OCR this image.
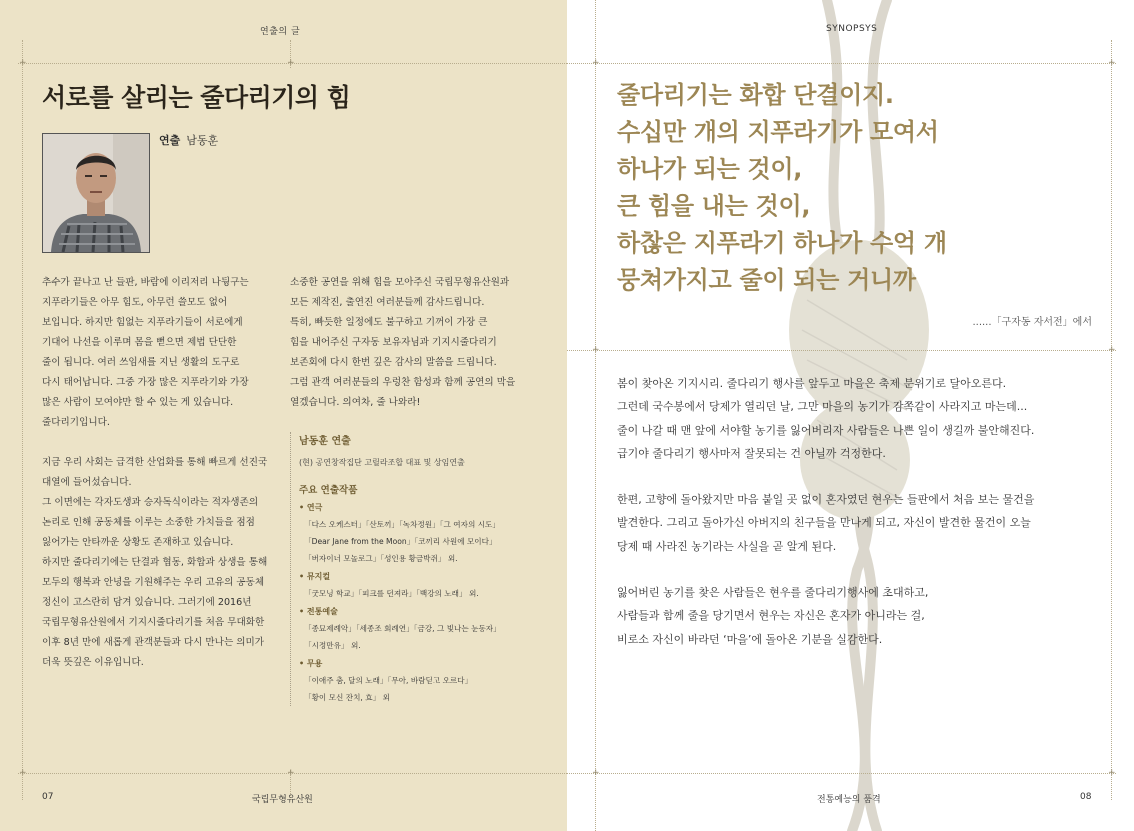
+	+
+	+
연출의 글
서로를 살리는 줄다리기의 힘
연출 남동훈

추수가 끝나고 난 들판, 바람에 이리저리 나뒹구는

지푸라기들은 아무 힘도, 아무런 쓸모도 없어

보입니다. 하지만 힘없는 지푸라기들이 서로에게

기대어 나선을 이루며 몸을 뻗으면 제법 단단한

줄이 됩니다. 여러 쓰임새를 지닌 생활의 도구로

다시 태어납니다. 그중 가장 많은 지푸라기와 가장

많은 사람이 모여야만 할 수 있는 게 있습니다.

줄다리기입니다.

지금 우리 사회는 급격한 산업화를 통해 빠르게 선진국

대열에 들어섰습니다.

그 이면에는 각자도생과 승자독식이라는 적자생존의

논리로 인해 공동체를 이루는 소중한 가치들을 점점

잃어가는 안타까운 상황도 존재하고 있습니다.

하지만 줄다리기에는 단결과 협동, 화합과 상생을 통해

모두의 행복과 안녕을 기원해주는 우리 고유의 공동체

정신이 고스란히 담겨 있습니다. 그러기에 2016년

국립무형유산원에서 기지시줄다리기를 처음 무대화한

이후 8년 만에 새롭게 관객분들과 다시 만나는 의미가

더욱 뜻깊은 이유입니다.

소중한 공연을 위해 힘을 모아주신 국립무형유산원과

모든 제작진, 출연진 여러분들께 감사드립니다.

특히, 빠듯한 일정에도 불구하고 기꺼이 가장 큰

힘을 내어주신 구자동 보유자님과 기지시줄다리기

보존회에 다시 한번 깊은 감사의 말씀을 드립니다.

그럼 관객 여러분들의 우렁찬 함성과 함께 공연의 막을

열겠습니다. 의여차, 줄 나와라!

남동훈 연출
(현) 공연창작집단 고릴라조합 대표 및 상임연출
주요 연출작품
• 연극
「다스 오케스터」「산토끼」「녹차정원」「그 여자의 시도」
「Dear Jane from the Moon」「코끼리 사원에 모이다」
「버자이너 모놀로그」「성인용 황금박쥐」 외.
• 뮤지컬
「굿모닝 학교」「피크를 던져라」「백강의 노래」 외.
• 전통예술
「종묘제례악」「세종조 회례연」「금강, 그 빛나는 눈동자」
「시정만유」 외.
• 무용
「이애주 춤, 달의 노래」「무아, 바람딛고 오르다」
「황이 모신 잔치, 효」 외
07	국립무형유산원
+	+
+	+
+	+
SYNOPSYS
줄다리기는 화합 단결이지.
수십만 개의 지푸라기가 모여서
하나가 되는 것이,
큰 힘을 내는 것이,
하찮은 지푸라기 하나가 수억 개
뭉쳐가지고 줄이 되는 거니까
......「구자동 자서전」에서

봄이 찾아온 기지시리. 줄다리기 행사를 앞두고 마을은 축제 분위기로 달아오른다.

그런데 국수봉에서 당제가 열리던 날, 그만 마을의 농기가 감쪽같이 사라지고 마는데...

줄이 나갈 때 맨 앞에 서야할 농기를 잃어버리자 사람들은 나쁜 일이 생길까 불안해진다.

급기야 줄다리기 행사마저 잘못되는 건 아닐까 걱정한다.

한편, 고향에 돌아왔지만 마음 붙일 곳 없이 혼자였던 현우는 들판에서 처음 보는 물건을

발견한다. 그리고 돌아가신 아버지의 친구들을 만나게 되고, 자신이 발견한 물건이 오늘

당제 때 사라진 농기라는 사실을 곧 알게 된다.

잃어버린 농기를 찾은 사람들은 현우를 줄다리기행사에 초대하고,

사람들과 함께 줄을 당기면서 현우는 자신은 혼자가 아니라는 걸,

비로소 자신이 바라던 ‘마을’에 돌아온 기분을 실감한다.

전통예능의 품격	08
